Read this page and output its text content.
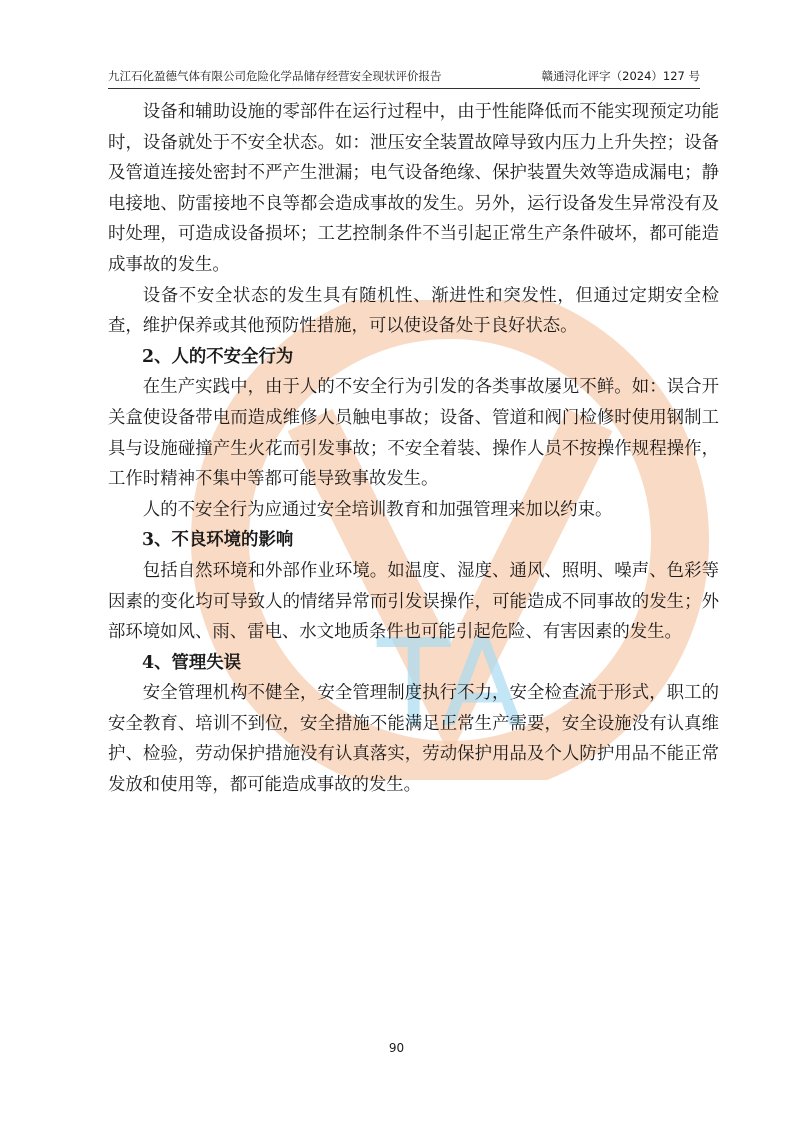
TA
九江石化盈德气体有限公司危险化学品储存经营安全现状评价报告	赣通浔化评字（2024）127 号

设备和辅助设施的零部件在运行过程中，由于性能降低而不能实现预定功能时，设备就处于不安全状态。如：泄压安全装置故障导致内压力上升失控；设备及管道连接处密封不严产生泄漏；电气设备绝缘、保护装置失效等造成漏电；静电接地、防雷接地不良等都会造成事故的发生。另外，运行设备发生异常没有及时处理，可造成设备损坏；工艺控制条件不当引起正常生产条件破坏，都可能造成事故的发生。

设备不安全状态的发生具有随机性、渐进性和突发性，但通过定期安全检查，维护保养或其他预防性措施，可以使设备处于良好状态。

2、人的不安全行为

在生产实践中，由于人的不安全行为引发的各类事故屡见不鲜。如：误合开关盒使设备带电而造成维修人员触电事故；设备、管道和阀门检修时使用钢制工具与设施碰撞产生火花而引发事故；不安全着装、操作人员不按操作规程操作，工作时精神不集中等都可能导致事故发生。

人的不安全行为应通过安全培训教育和加强管理来加以约束。

3、不良环境的影响

包括自然环境和外部作业环境。如温度、湿度、通风、照明、噪声、色彩等因素的变化均可导致人的情绪异常而引发误操作，可能造成不同事故的发生；外部环境如风、雨、雷电、水文地质条件也可能引起危险、有害因素的发生。

4、管理失误

安全管理机构不健全，安全管理制度执行不力，安全检查流于形式，职工的安全教育、培训不到位，安全措施不能满足正常生产需要，安全设施没有认真维护、检验，劳动保护措施没有认真落实，劳动保护用品及个人防护用品不能正常发放和使用等，都可能造成事故的发生。

90
